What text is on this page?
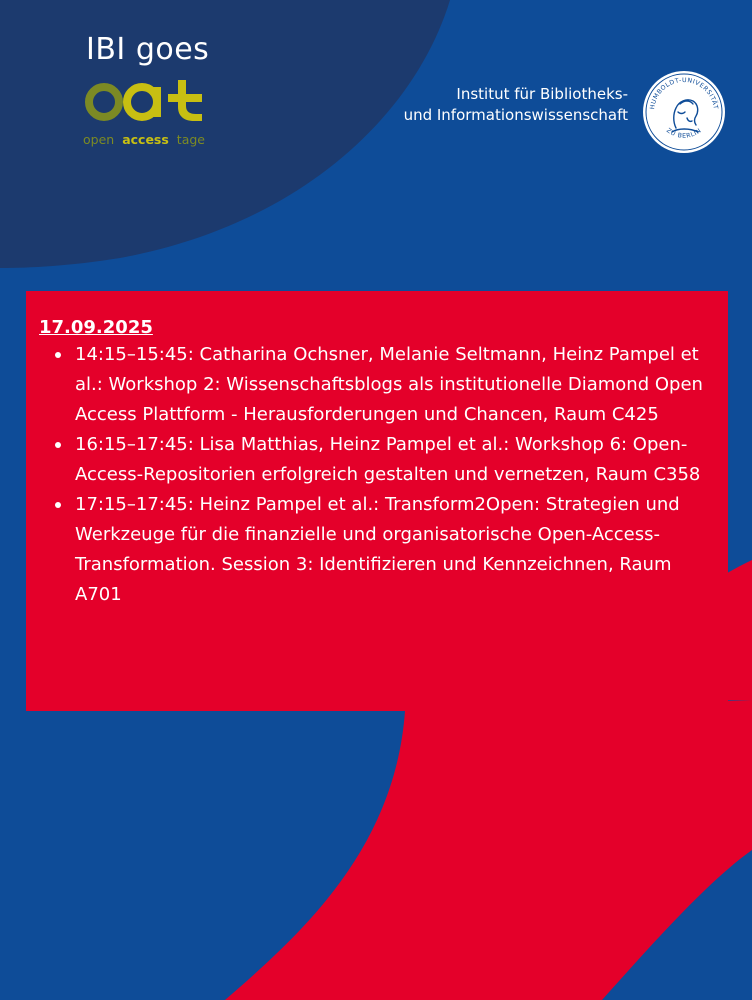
IBI goes
open access tage
Institut für Bibliotheks-
und Informationswissenschaft	HUMBOLDT-UNIVERSITÄT
ZU BERLIN
17.09.2025
14:15–15:45: Catharina Ochsner, Melanie Seltmann, Heinz Pampel et al.: Workshop 2: Wissenschaftsblogs als institutionelle Diamond Open Access Plattform - Herausforderungen und Chancen, Raum C425
16:15–17:45: Lisa Matthias, Heinz Pampel et al.: Workshop 6: Open-Access-Repositorien erfolgreich gestalten und vernetzen, Raum C358
17:15–17:45: Heinz Pampel et al.: Transform2Open: Strategien und Werkzeuge für die finanzielle und organisatorische Open-Access-Transformation. Session 3: Identifizieren und Kennzeichnen, Raum A701
